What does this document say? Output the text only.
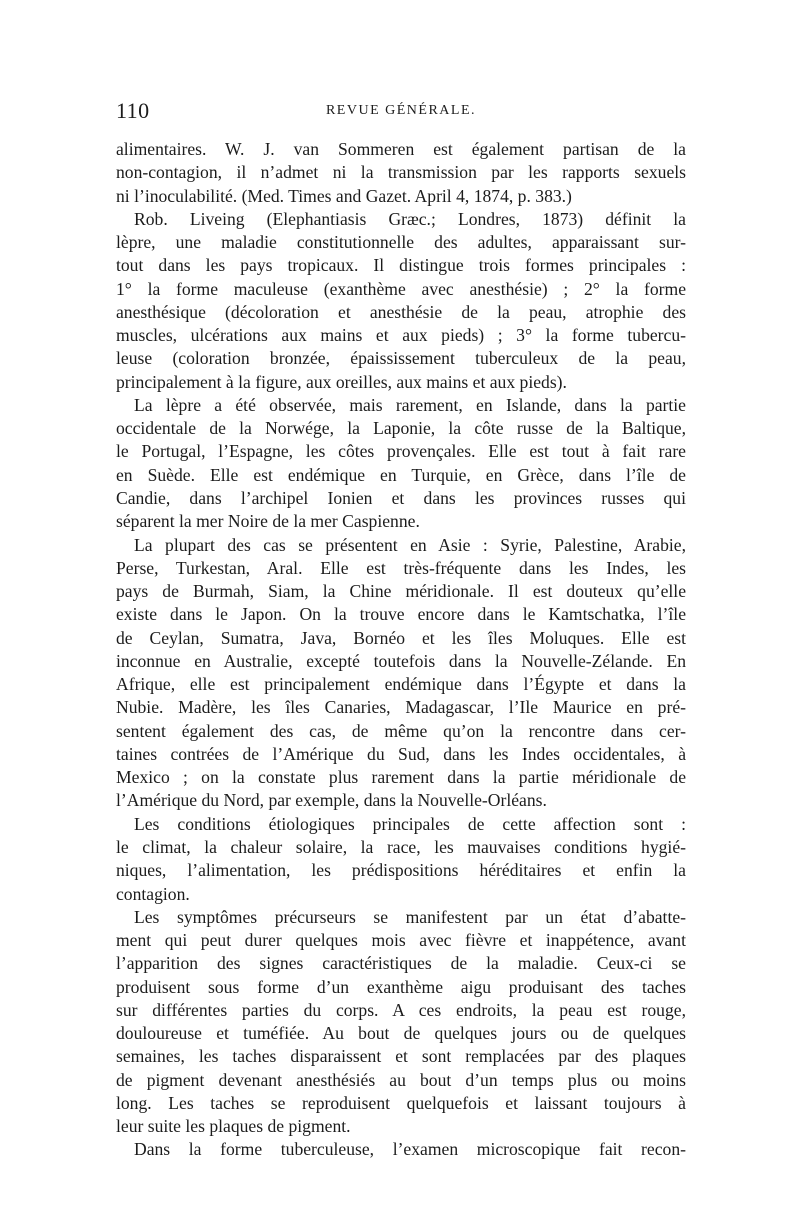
110	REVUE GÉNÉRALE.
alimentaires. W. J. van Sommeren est également partisan de la
non-contagion, il n’admet ni la transmission par les rapports sexuels
ni l’inoculabilité. (Med. Times and Gazet. April 4, 1874, p. 383.)
Rob. Liveing (Elephantiasis Græc.; Londres, 1873) définit la
lèpre, une maladie constitutionnelle des adultes, apparaissant sur-
tout dans les pays tropicaux. Il distingue trois formes principales :
1° la forme maculeuse (exanthème avec anesthésie) ; 2° la forme
anesthésique (décoloration et anesthésie de la peau, atrophie des
muscles, ulcérations aux mains et aux pieds) ; 3° la forme tubercu-
leuse (coloration bronzée, épaississement tuberculeux de la peau,
principalement à la figure, aux oreilles, aux mains et aux pieds).
La lèpre a été observée, mais rarement, en Islande, dans la partie
occidentale de la Norwége, la Laponie, la côte russe de la Baltique,
le Portugal, l’Espagne, les côtes provençales. Elle est tout à fait rare
en Suède. Elle est endémique en Turquie, en Grèce, dans l’île de
Candie, dans l’archipel Ionien et dans les provinces russes qui
séparent la mer Noire de la mer Caspienne.
La plupart des cas se présentent en Asie : Syrie, Palestine, Arabie,
Perse, Turkestan, Aral. Elle est très-fréquente dans les Indes, les
pays de Burmah, Siam, la Chine méridionale. Il est douteux qu’elle
existe dans le Japon. On la trouve encore dans le Kamtschatka, l’île
de Ceylan, Sumatra, Java, Bornéo et les îles Moluques. Elle est
inconnue en Australie, excepté toutefois dans la Nouvelle-Zélande. En
Afrique, elle est principalement endémique dans l’Égypte et dans la
Nubie. Madère, les îles Canaries, Madagascar, l’Ile Maurice en pré-
sentent également des cas, de même qu’on la rencontre dans cer-
taines contrées de l’Amérique du Sud, dans les Indes occidentales, à
Mexico ; on la constate plus rarement dans la partie méridionale de
l’Amérique du Nord, par exemple, dans la Nouvelle-Orléans.
Les conditions étiologiques principales de cette affection sont :
le climat, la chaleur solaire, la race, les mauvaises conditions hygié-
niques, l’alimentation, les prédispositions héréditaires et enfin la
contagion.
Les symptômes précurseurs se manifestent par un état d’abatte-
ment qui peut durer quelques mois avec fièvre et inappétence, avant
l’apparition des signes caractéristiques de la maladie. Ceux-ci se
produisent sous forme d’un exanthème aigu produisant des taches
sur différentes parties du corps. A ces endroits, la peau est rouge,
douloureuse et tuméfiée. Au bout de quelques jours ou de quelques
semaines, les taches disparaissent et sont remplacées par des plaques
de pigment devenant anesthésiés au bout d’un temps plus ou moins
long. Les taches se reproduisent quelquefois et laissant toujours à
leur suite les plaques de pigment.
Dans la forme tuberculeuse, l’examen microscopique fait recon-
